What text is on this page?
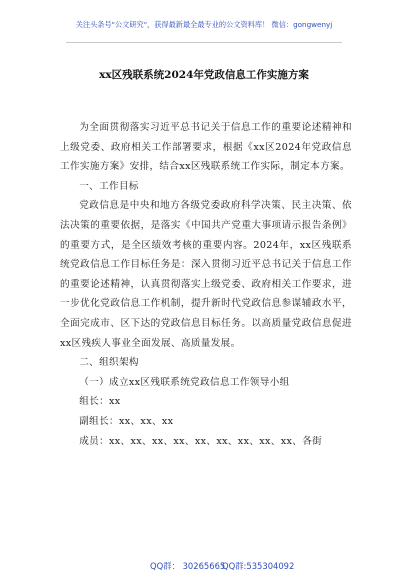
关注头条号"公文研究"，获得最新最全最专业的公文资料库！ 微信：gongwenyj
xx区残联系统2024年党政信息工作实施方案

为全面贯彻落实习近平总书记关于信息工作的重要论述精神和上级党委、政府相关工作部署要求，根据《xx区2024年党政信息工作实施方案》安排，结合xx区残联系统工作实际，制定本方案。

一、工作目标

党政信息是中央和地方各级党委政府科学决策、民主决策、依法决策的重要依据，是落实《中国共产党重大事项请示报告条例》的重要方式，是全区绩效考核的重要内容。2024年，xx区残联系统党政信息工作目标任务是：深入贯彻习近平总书记关于信息工作的重要论述精神，认真贯彻落实上级党委、政府相关工作要求，进一步优化党政信息工作机制，提升新时代党政信息参谋辅政水平，全面完成市、区下达的党政信息目标任务。以高质量党政信息促进xx区残疾人事业全面发展、高质量发展。

二、组织架构

（一）成立xx区残联系统党政信息工作领导小组

组长：xx

副组长：xx、xx、xx

成员：xx、xx、xx、xx、xx、xx、xx、xx、xx、各街

QQ群： 30265665
QQ群:535304092
